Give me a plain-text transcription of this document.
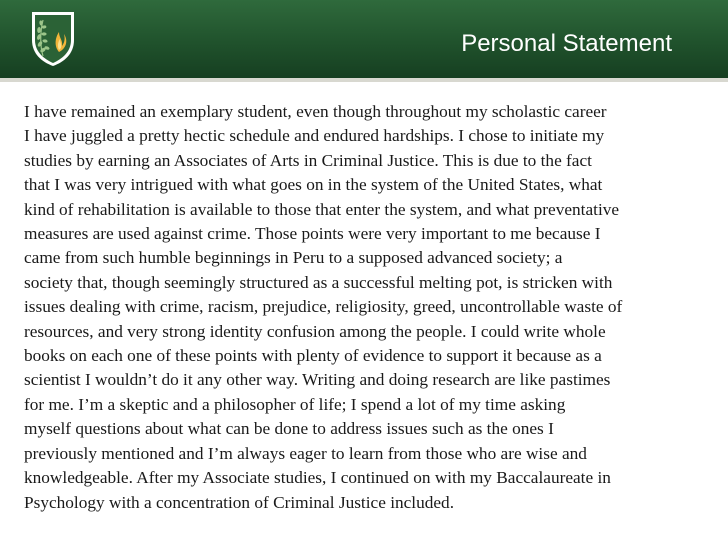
Personal Statement
I have remained an exemplary student, even though throughout my scholastic career
I have juggled a pretty hectic schedule and endured hardships. I chose to initiate my
studies by earning an Associates of Arts in Criminal Justice. This is due to the fact
that I was very intrigued with what goes on in the system of the United States, what
kind of rehabilitation is available to those that enter the system, and what preventative
measures are used against crime. Those points were very important to me because I
came from such humble beginnings in Peru to a supposed advanced society; a
society that, though seemingly structured as a successful melting pot, is stricken with
issues dealing with crime, racism, prejudice, religiosity, greed, uncontrollable waste of
resources, and very strong identity confusion among the people. I could write whole
books on each one of these points with plenty of evidence to support it because as a
scientist I wouldn’t do it any other way. Writing and doing research are like pastimes
for me. I’m a skeptic and a philosopher of life; I spend a lot of my time asking
myself questions about what can be done to address issues such as the ones I
previously mentioned and I’m always eager to learn from those who are wise and
knowledgeable. After my Associate studies, I continued on with my Baccalaureate in
Psychology with a concentration of Criminal Justice included.
